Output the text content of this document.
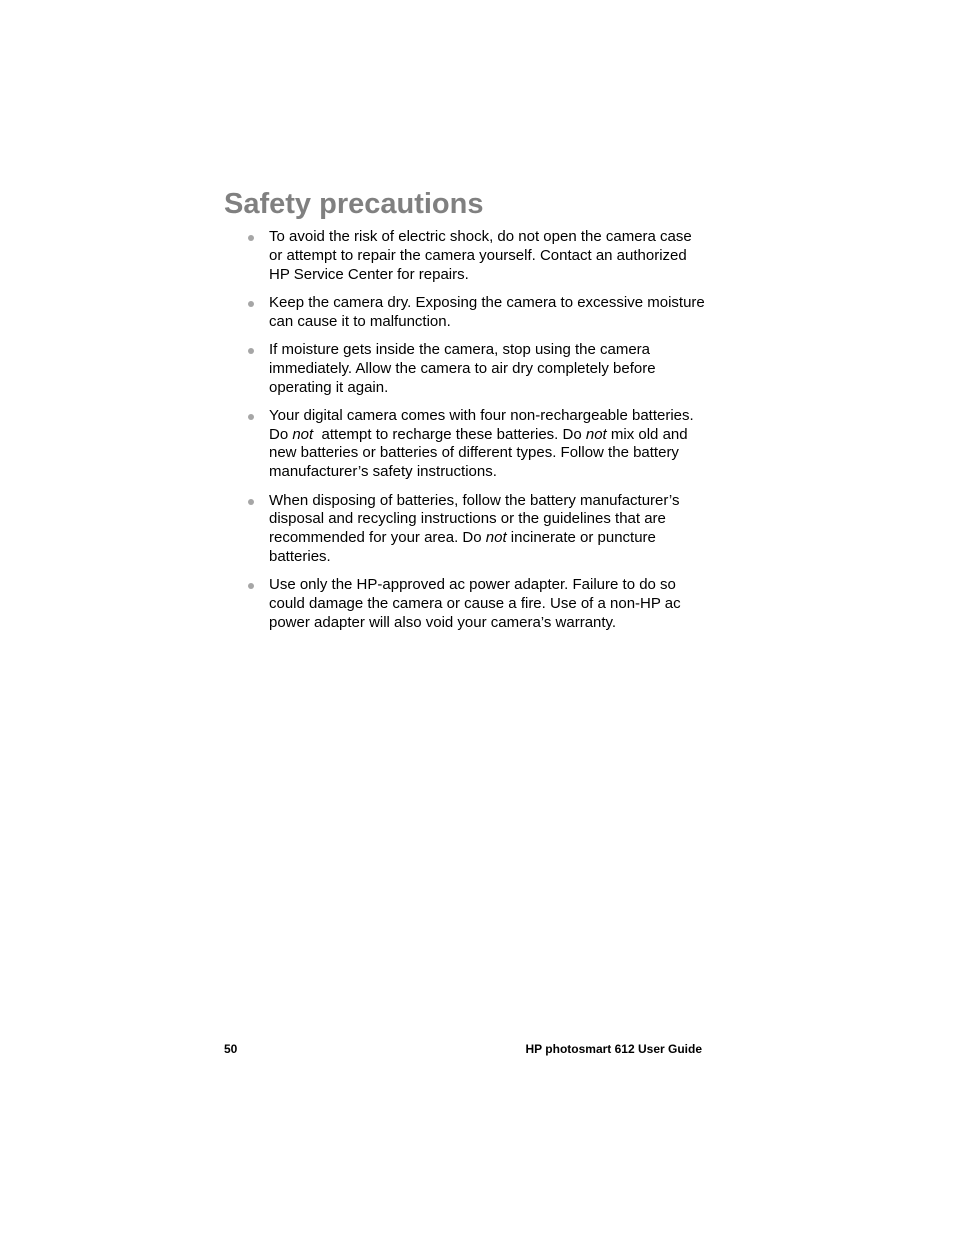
Safety precautions
To avoid the risk of electric shock, do not open the camera case or attempt to repair the camera yourself. Contact an authorized HP Service Center for repairs.
Keep the camera dry. Exposing the camera to excessive moisture can cause it to malfunction.
If moisture gets inside the camera, stop using the camera immediately. Allow the camera to air dry completely before operating it again.
Your digital camera comes with four non-rechargeable batteries. Do not  attempt to recharge these batteries. Do not mix old and new batteries or batteries of different types. Follow the battery manufacturer’s safety instructions.
When disposing of batteries, follow the battery manufacturer’s disposal and recycling instructions or the guidelines that are recommended for your area. Do not incinerate or puncture batteries.
Use only the HP-approved ac power adapter. Failure to do so could damage the camera or cause a fire. Use of a non-HP ac power adapter will also void your camera’s warranty.
50	HP photosmart 612 User Guide
